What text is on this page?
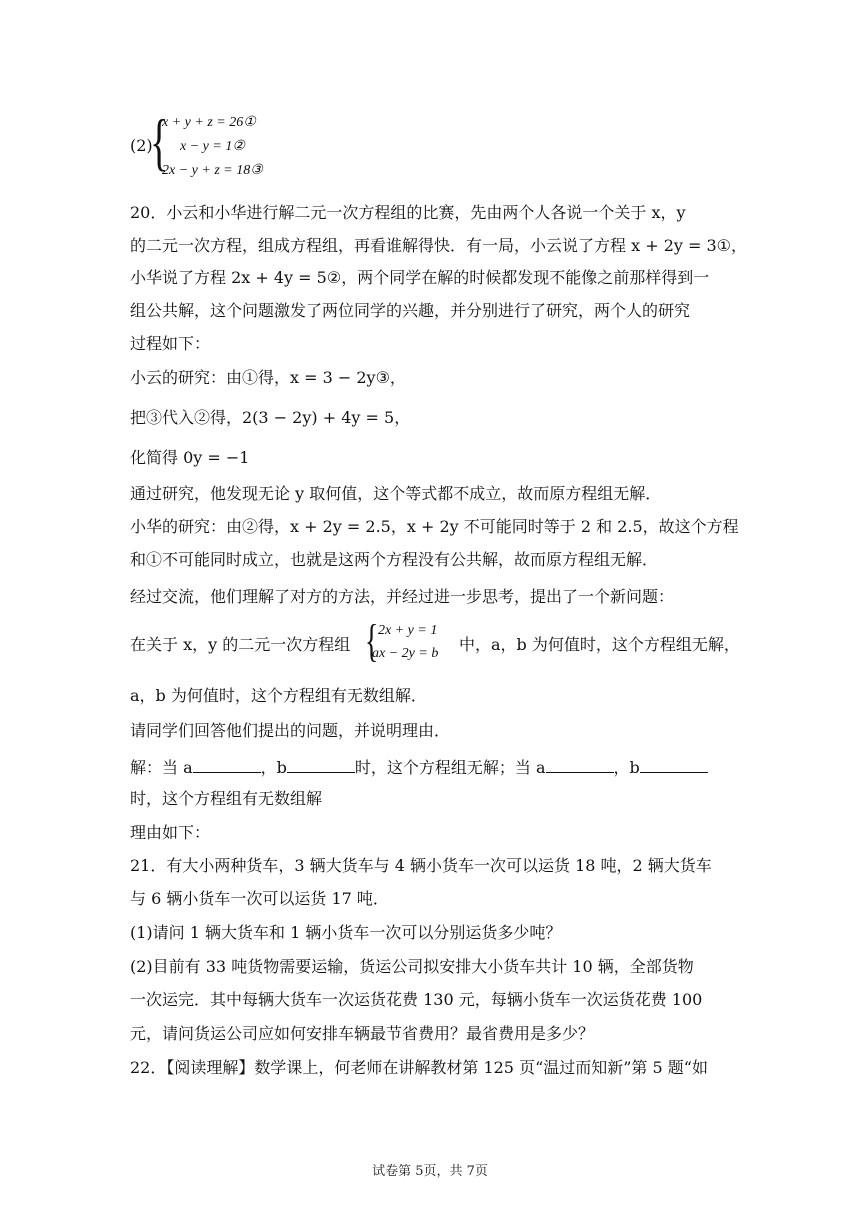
(2)
{
x + y + z = 26①
x − y = 1②
2x − y + z = 18③
20．小云和小华进行解二元一次方程组的比赛，先由两个人各说一个关于 x，y
的二元一次方程，组成方程组，再看谁解得快．有一局，小云说了方程 x + 2y = 3①，
小华说了方程 2x + 4y = 5②，两个同学在解的时候都发现不能像之前那样得到一
组公共解，这个问题激发了两位同学的兴趣，并分别进行了研究，两个人的研究
过程如下：
小云的研究：由①得，x = 3 − 2y③，
把③代入②得，2(3 − 2y) + 4y = 5，
化简得 0y = −1
通过研究，他发现无论 y 取何值，这个等式都不成立，故而原方程组无解．
小华的研究：由②得，x + 2y = 2.5，x + 2y 不可能同时等于 2 和 2.5，故这个方程
和①不可能同时成立，也就是这两个方程没有公共解，故而原方程组无解．
经过交流，他们理解了对方的方法，并经过进一步思考，提出了一个新问题：
在关于 x，y 的二元一次方程组 { 2x + y = 1
ax − 2y = b 中，a，b 为何值时，这个方程组无解，
a，b 为何值时，这个方程组有无数组解．
请同学们回答他们提出的问题，并说明理由．
解：当 a	，b	时，这个方程组无解；当 a	，b
时，这个方程组有无数组解
理由如下：
21．有大小两种货车，3 辆大货车与 4 辆小货车一次可以运货 18 吨，2 辆大货车
与 6 辆小货车一次可以运货 17 吨．
(1)请问 1 辆大货车和 1 辆小货车一次可以分别运货多少吨？
(2)目前有 33 吨货物需要运输，货运公司拟安排大小货车共计 10 辆，全部货物
一次运完．其中每辆大货车一次运货花费 130 元，每辆小货车一次运货花费 100
元，请问货运公司应如何安排车辆最节省费用？最省费用是多少？
22．【阅读理解】数学课上，何老师在讲解教材第 125 页“温过而知新”第 5 题“如
试卷第 5页，共 7页
